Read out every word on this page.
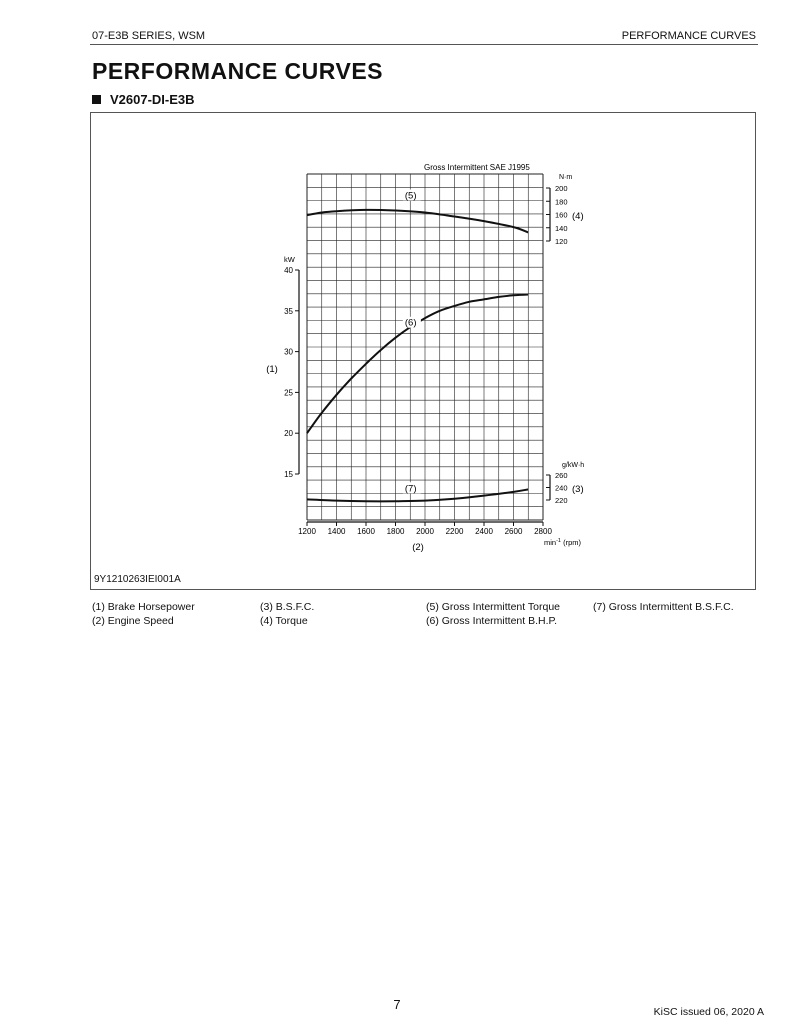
07-E3B SERIES, WSM	PERFORMANCE CURVES
PERFORMANCE CURVES
V2607-DI-E3B
1200 1400 1600 1800 2000 2200 2400 2600 2800
$\min^{-1} (rpm)$
(2)
15
20
25
30
35
40
kW
(1)
200
180
160
140
120
N·m
(4)
260
240
220
g/kW·h
(3)
Gross Intermittent SAE J1995
(5)
(6)
(7)
9Y1210263IEI001A
(1) Brake Horsepower
(2) Engine Speed
(3) B.S.F.C.
(4) Torque
(5) Gross Intermittent Torque
(6) Gross Intermittent B.H.P.
(7) Gross Intermittent B.S.F.C.
7	KiSC issued 06, 2020 A
